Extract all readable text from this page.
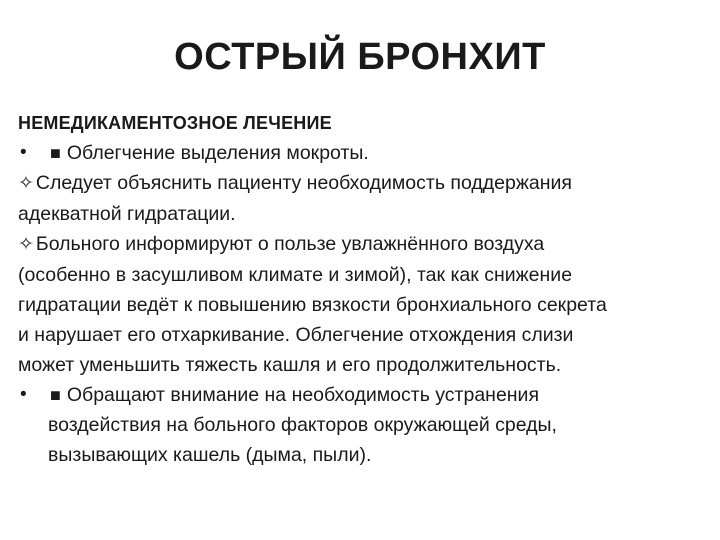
ОСТРЫЙ БРОНХИТ
НЕМЕДИКАМЕНТОЗНОЕ ЛЕЧЕНИЕ
•	■ Облегчение выделения мокроты.
✧ Следует объяснить пациенту необходимость поддержания
адекватной гидратации.
✧ Больного информируют о пользе увлажнённого воздуха
(особенно в засушливом климате и зимой), так как снижение
гидратации ведёт к повышению вязкости бронхиального секрета
и нарушает его отхаркивание. Облегчение отхождения слизи
может уменьшить тяжесть кашля и его продолжительность.
•	■ Обращают внимание на необходимость устранения
воздействия на больного факторов окружающей среды,
вызывающих кашель (дыма, пыли).
